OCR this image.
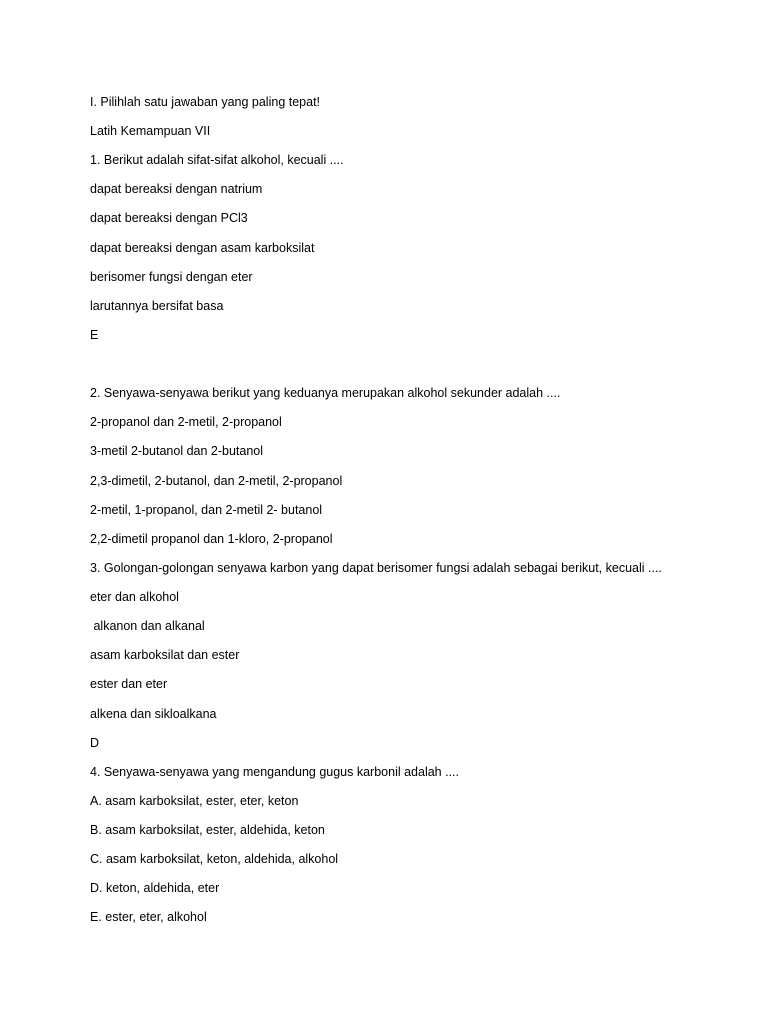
I. Pilihlah satu jawaban yang paling tepat!

Latih Kemampuan VII

1. Berikut adalah sifat-sifat alkohol, kecuali ....

dapat bereaksi dengan natrium

dapat bereaksi dengan PCl3

dapat bereaksi dengan asam karboksilat

berisomer fungsi dengan eter

larutannya bersifat basa

E

2. Senyawa-senyawa berikut yang keduanya merupakan alkohol sekunder adalah ....

2-propanol dan 2-metil, 2-propanol

3-metil 2-butanol dan 2-butanol

2,3-dimetil, 2-butanol, dan 2-metil, 2-propanol

2-metil, 1-propanol, dan 2-metil 2- butanol

2,2-dimetil propanol dan 1-kloro, 2-propanol

3. Golongan-golongan senyawa karbon yang dapat berisomer fungsi adalah sebagai berikut, kecuali ....

eter dan alkohol

alkanon dan alkanal

asam karboksilat dan ester

ester dan eter

alkena dan sikloalkana

D

4. Senyawa-senyawa yang mengandung gugus karbonil adalah ....

A. asam karboksilat, ester, eter, keton

B. asam karboksilat, ester, aldehida, keton

C. asam karboksilat, keton, aldehida, alkohol

D. keton, aldehida, eter

E. ester, eter, alkohol
